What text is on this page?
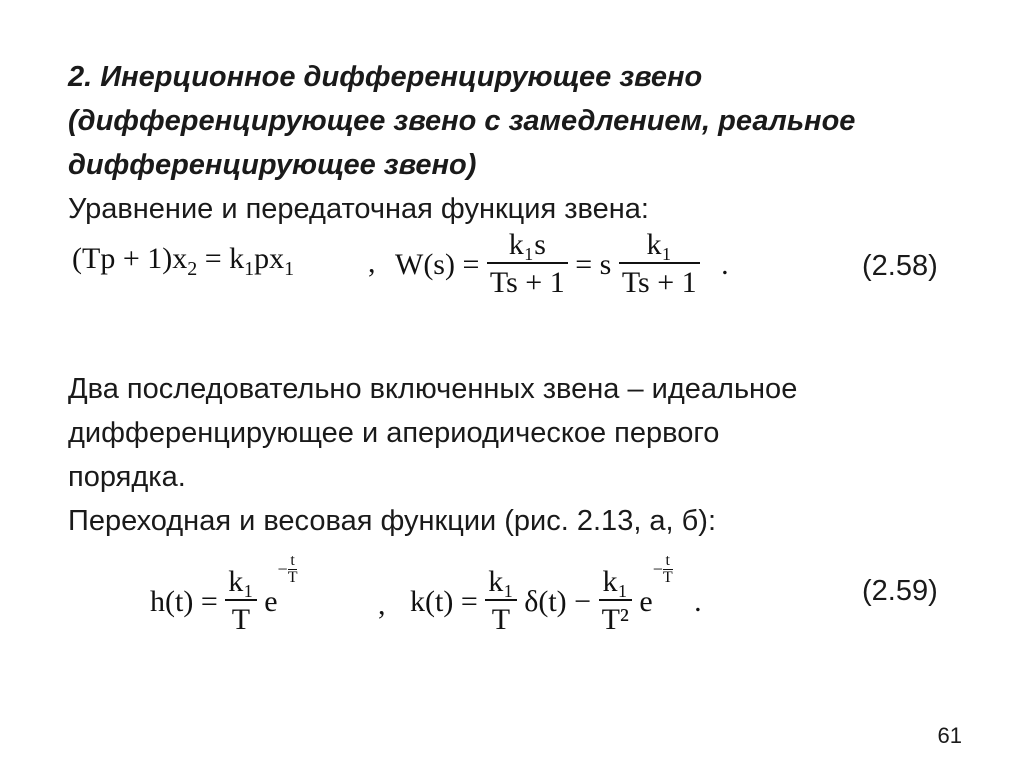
2. Инерционное дифференцирующее звено
(дифференцирующее звено с замедлением, реальное
дифференцирующее звено)
Уравнение и передаточная функция звена:
$(Tp + 1)x_2 = k_1px_1$ , $W(s) = \frac{\text{k₁s}}{Ts + 1} = s \frac{\text{k₁}}{Ts + 1}$ .	(2.58)
Два последовательно включенных звена – идеальное
дифференцирующее и апериодическое первого
порядка.
Переходная и весовая функции (рис. 2.13, а, б):
$h(t) = \frac{\text{k₁}}{T} e- \frac{t}{T}$
, $k(t) = \frac{\text{k₁}}{T} \delta(t) - \frac{\text{k₁}}{\text{T²}} e- \frac{t}{T}$
.	(2.59)
61
